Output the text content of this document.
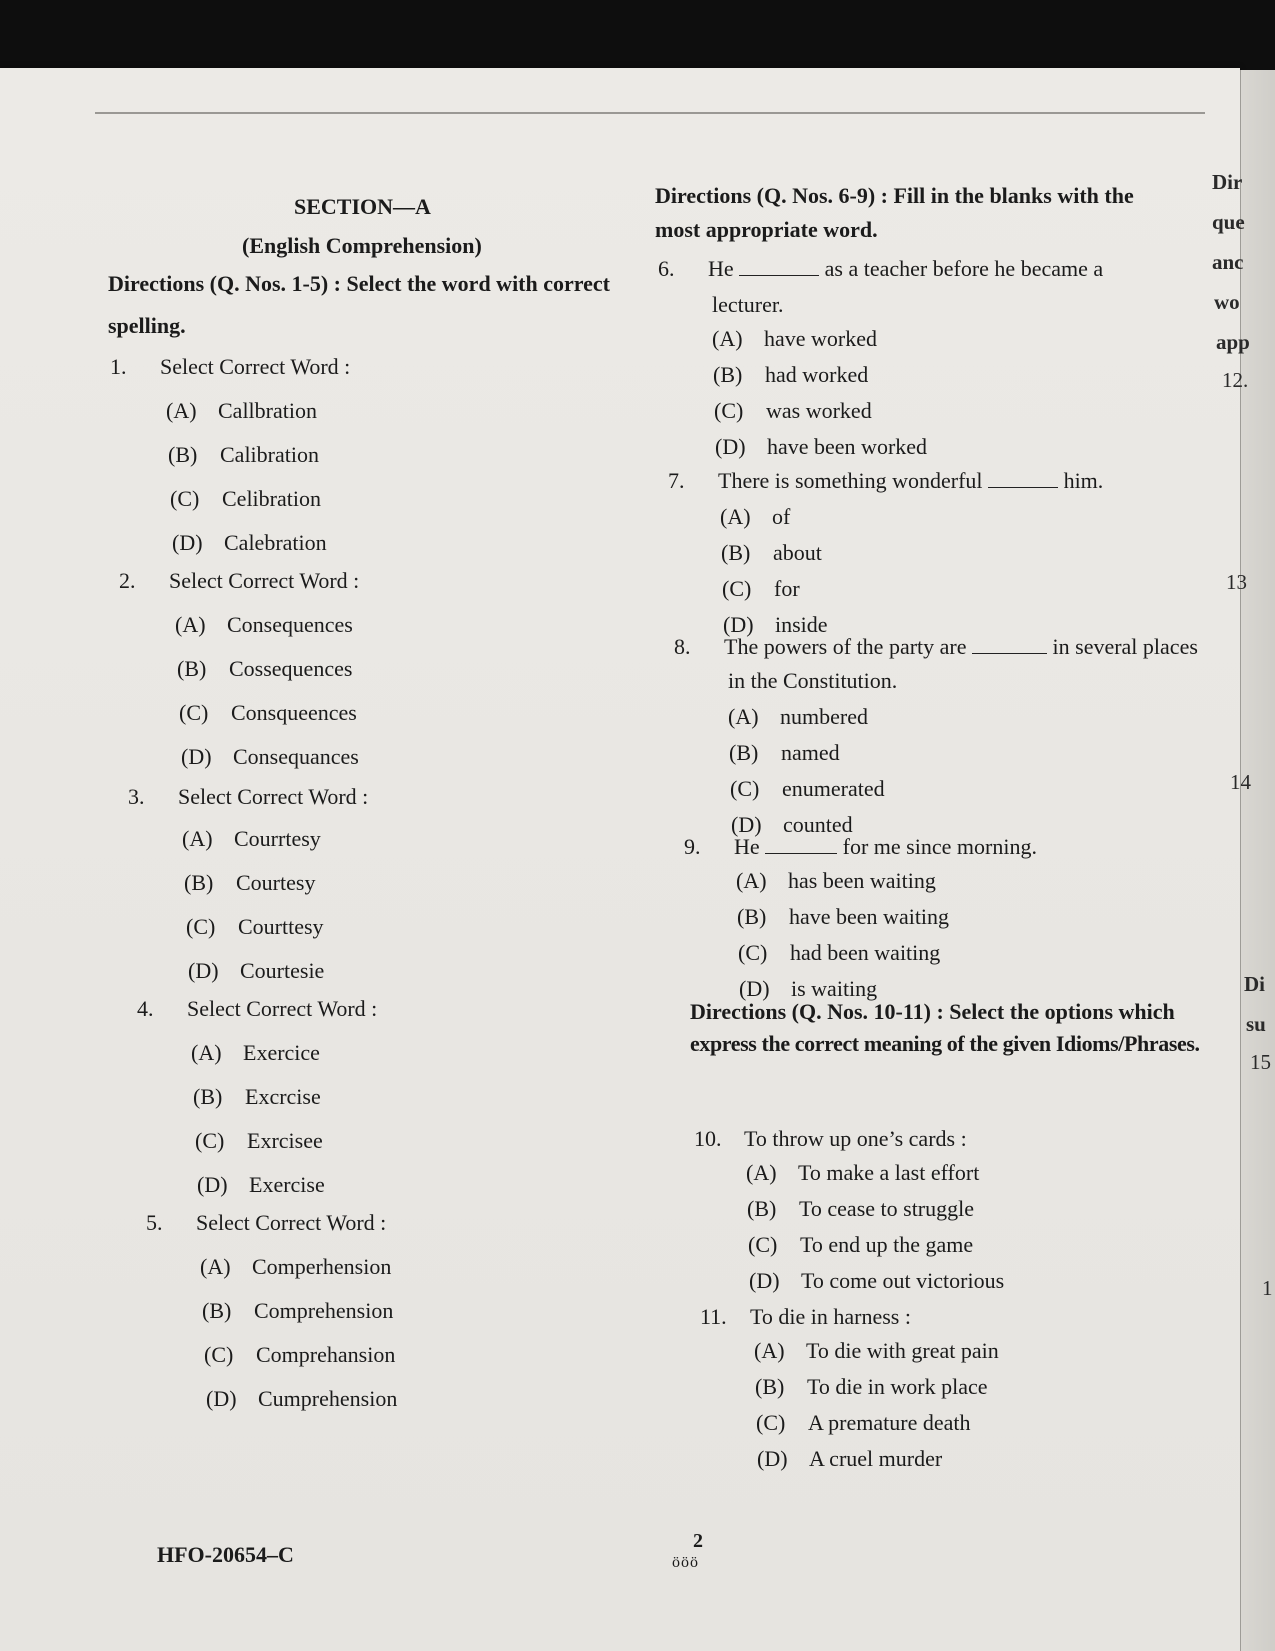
SECTION—A
(English Comprehension)
Directions (Q. Nos. 1-5) : Select the word with correct
spelling.
1. Select Correct Word :
(A) Callbration
(B) Calibration
(C) Celibration
(D) Calebration
2. Select Correct Word :
(A) Consequences
(B) Cossequences
(C) Consqueences
(D) Consequances
3. Select Correct Word :
(A) Courrtesy
(B) Courtesy
(C) Courttesy
(D) Courtesie
4. Select Correct Word :
(A) Exercice
(B) Excrcise
(C) Exrcisee
(D) Exercise
5. Select Correct Word :
(A) Comperhension
(B) Comprehension
(C) Comprehansion
(D) Cumprehension
Directions (Q. Nos. 6-9) : Fill in the blanks with the
most appropriate word.
6. He	as a teacher before he became a
lecturer.
(A) have worked
(B) had worked
(C) was worked
(D) have been worked
7. There is something wonderful	him.
(A) of
(B) about
(C) for
(D) inside
8. The powers of the party are	in several places
in the Constitution.
(A) numbered
(B) named
(C) enumerated
(D) counted
9. He	for me since morning.
(A) has been waiting
(B) have been waiting
(C) had been waiting
(D) is waiting
Directions (Q. Nos. 10-11) : Select the options which
express the correct meaning of the given Idioms/Phrases.
10. To throw up one’s cards :
(A) To make a last effort
(B) To cease to struggle
(C) To end up the game
(D) To come out victorious
11. To die in harness :
(A) To die with great pain
(B) To die in work place
(C) A premature death
(D) A cruel murder
HFO-20654–C
2
ööö
Dir
que
anc
wo
app
12.
13
14
Di
su
15
1
